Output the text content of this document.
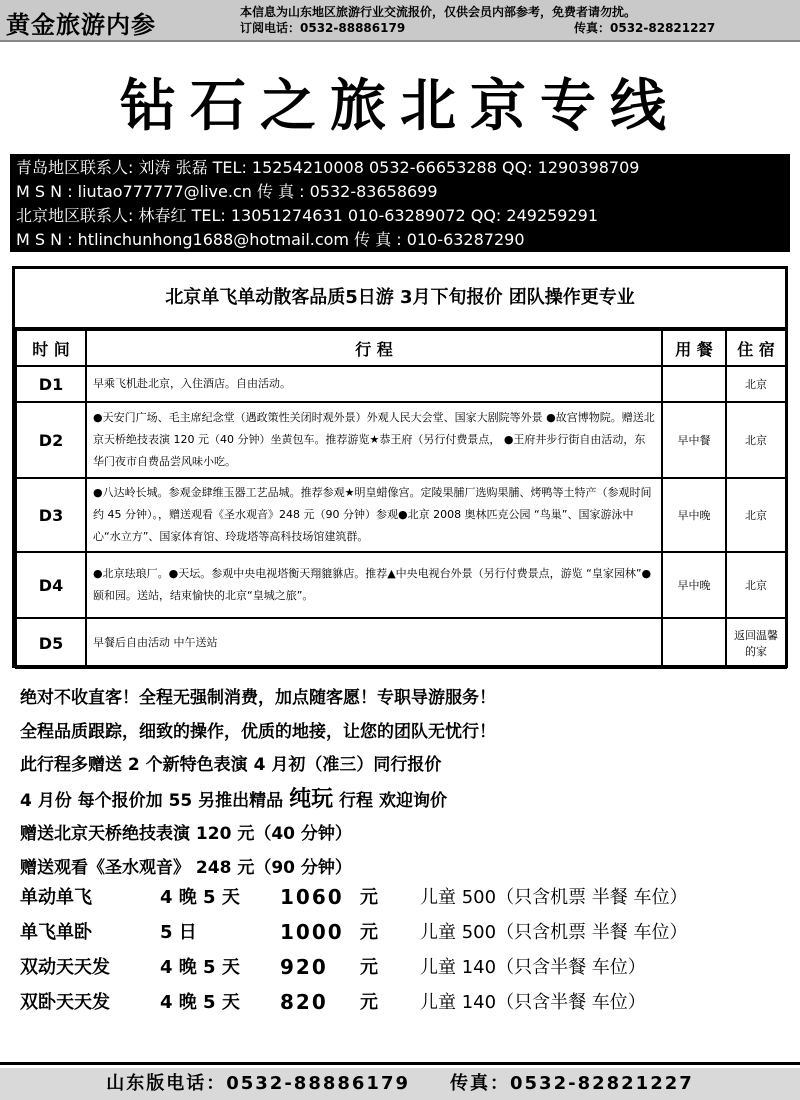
黄金旅游内参	本信息为山东地区旅游行业交流报价，仅供会员内部参考，免费者请勿扰。
订阅电话：0532-88886179	传真：0532-82821227
钻石之旅北京专线
青岛地区联系人: 刘涛 张磊 TEL: 15254210008 0532-66653288 QQ: 1290398709
M S N : liutao777777@live.cn 传 真 : 0532-83658699
北京地区联系人: 林春红 TEL: 13051274631 010-63289072 QQ: 249259291
M S N : htlinchunhong1688@hotmail.com 传 真 : 010-63287290
北京单飞单动散客品质5日游 3月下旬报价 团队操作更专业
时 间	行 程	用 餐	住 宿
D1	早乘飞机赴北京，入住酒店。自由活动。		北京
D2	●天安门广场、毛主席纪念堂（遇政策性关闭时观外景）外观人民大会堂、国家大剧院等外景 ●故宫博物院。赠送北京天桥绝技表演 120 元（40 分钟）坐黄包车。推荐游览★恭王府（另行付费景点， ●王府井步行街自由活动，东华门夜市自费品尝风味小吃。	早中餐	北京
D3	●八达岭长城。参观金肆维玉器工艺品城。推荐参观★明皇蜡像宫。定陵果脯厂选购果脯、烤鸭等土特产（参观时间约 45 分钟）。，赠送观看《圣水观音》248 元（90 分钟）参观●北京 2008 奥林匹克公园 “鸟巢”、国家游泳中心“水立方”、国家体育馆、玲珑塔等高科技场馆建筑群。	早中晚	北京
D4	●北京珐琅厂。●天坛。参观中央电视塔衡天翔貔貅店。推荐▲中央电视台外景（另行付费景点，游览 “皇家园林”●颐和园。送站，结束愉快的北京“皇城之旅”。	早中晚	北京
D5	早餐后自由活动 中午送站		返回温馨的家
绝对不收直客！全程无强制消费，加点随客愿！专职导游服务！
全程品质跟踪，细致的操作，优质的地接，让您的团队无忧行！
此行程多赠送 2 个新特色表演 4 月初（准三）同行报价
4 月份 每个报价加 55 另推出精品 纯玩 行程 欢迎询价
赠送北京天桥绝技表演 120 元（40 分钟）
赠送观看《圣水观音》 248 元（90 分钟）
单动单飞	4 晚 5 天 1060 元 儿童 500（只含机票 半餐 车位）
单飞单卧	5 日	1000 元 儿童 500（只含机票 半餐 车位）
双动天天发	4 晚 5 天 920 元 儿童 140（只含半餐 车位）
双卧天天发	4 晚 5 天 820 元 儿童 140（只含半餐 车位）
山东版电话：0532-88886179 传真：0532-82821227
